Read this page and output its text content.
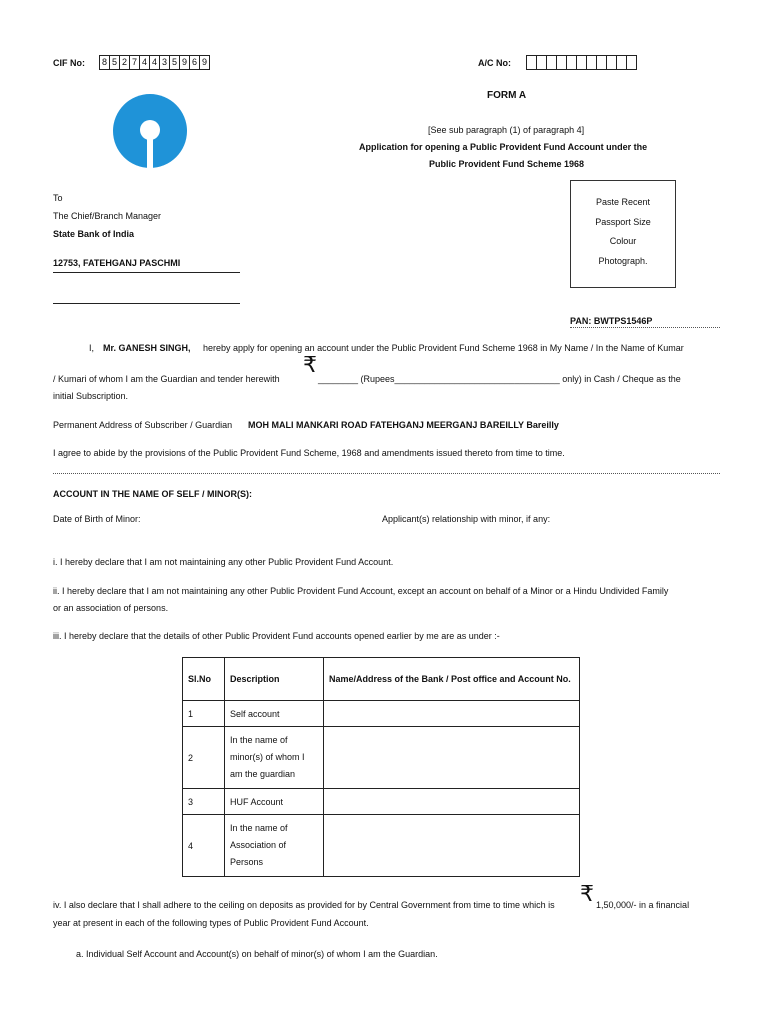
CIF No:	8 5 2 7 4 4 3 5 9 6 9	A/C No:
FORM A
[See sub paragraph (1) of paragraph 4]
Application for opening a Public Provident Fund Account under the
Public Provident Fund Scheme 1968
Paste Recent
Passport Size
Colour
Photograph.
To
The Chief/Branch Manager
State Bank of India
12753, FATEHGANJ PASCHMI
PAN: BWTPS1546P
I, Mr. GANESH SINGH, hereby apply for opening an account under the Public Provident Fund Scheme 1968 in My Name / In the Name of Kumar
/ Kumari of whom I am the Guardian and tender herewith
₹
________ (Rupees_________________________________ only) in Cash / Cheque as the
initial Subscription.
Permanent Address of Subscriber / Guardian MOH MALI MANKARI ROAD FATEHGANJ MEERGANJ BAREILLY Bareilly
I agree to abide by the provisions of the Public Provident Fund Scheme, 1968 and amendments issued thereto from time to time.
ACCOUNT IN THE NAME OF SELF / MINOR(S):
Date of Birth of Minor:	Applicant(s) relationship with minor, if any:
i. I hereby declare that I am not maintaining any other Public Provident Fund Account.
ii. I hereby declare that I am not maintaining any other Public Provident Fund Account, except an account on behalf of a Minor or a Hindu Undivided Family
or an association of persons.
iii. I hereby declare that the details of other Public Provident Fund accounts opened earlier by me are as under :-
Sl.No	Description	Name/Address of the Bank / Post office and Account No.
1	Self account	
2	In the name of minor(s) of whom I am the guardian	
3	HUF Account	
4	In the name of Association of Persons	
iv. I also declare that I shall adhere to the ceiling on deposits as provided for by Central Government from time to time which is ₹ 1,50,000/- in a financial
year at present in each of the following types of Public Provident Fund Account.
a. Individual Self Account and Account(s) on behalf of minor(s) of whom I am the Guardian.
